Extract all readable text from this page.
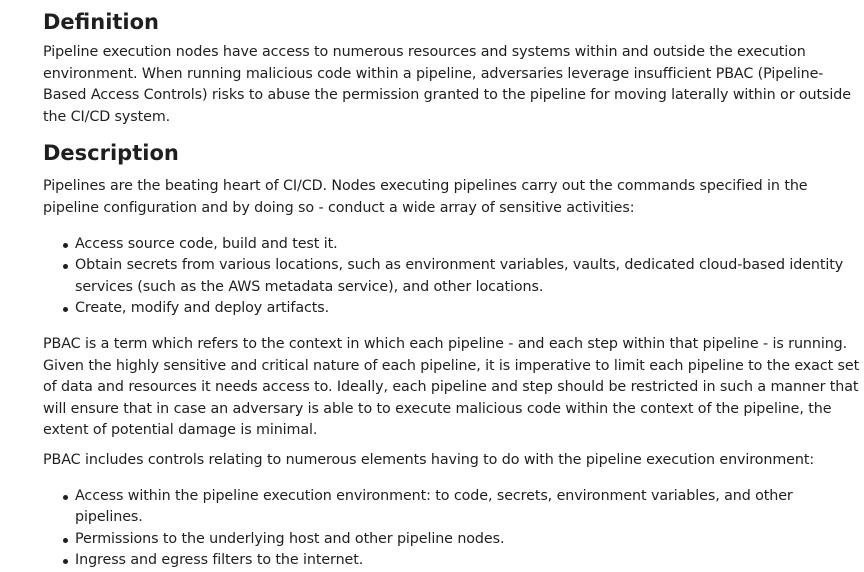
Definition

Pipeline execution nodes have access to numerous resources and systems within and outside the execution environment. When running malicious code within a pipeline, adversaries leverage insufficient PBAC (Pipeline-Based Access Controls) risks to abuse the permission granted to the pipeline for moving laterally within or outside the CI/CD system.

Description

Pipelines are the beating heart of CI/CD. Nodes executing pipelines carry out the commands specified in the pipeline configuration and by doing so - conduct a wide array of sensitive activities:

Access source code, build and test it.
Obtain secrets from various locations, such as environment variables, vaults, dedicated cloud-based identity services (such as the AWS metadata service), and other locations.
Create, modify and deploy artifacts.

PBAC is a term which refers to the context in which each pipeline - and each step within that pipeline - is running. Given the highly sensitive and critical nature of each pipeline, it is imperative to limit each pipeline to the exact set of data and resources it needs access to. Ideally, each pipeline and step should be restricted in such a manner that will ensure that in case an adversary is able to to execute malicious code within the context of the pipeline, the extent of potential damage is minimal.

PBAC includes controls relating to numerous elements having to do with the pipeline execution environment:

Access within the pipeline execution environment: to code, secrets, environment variables, and other pipelines.
Permissions to the underlying host and other pipeline nodes.
Ingress and egress filters to the internet.
